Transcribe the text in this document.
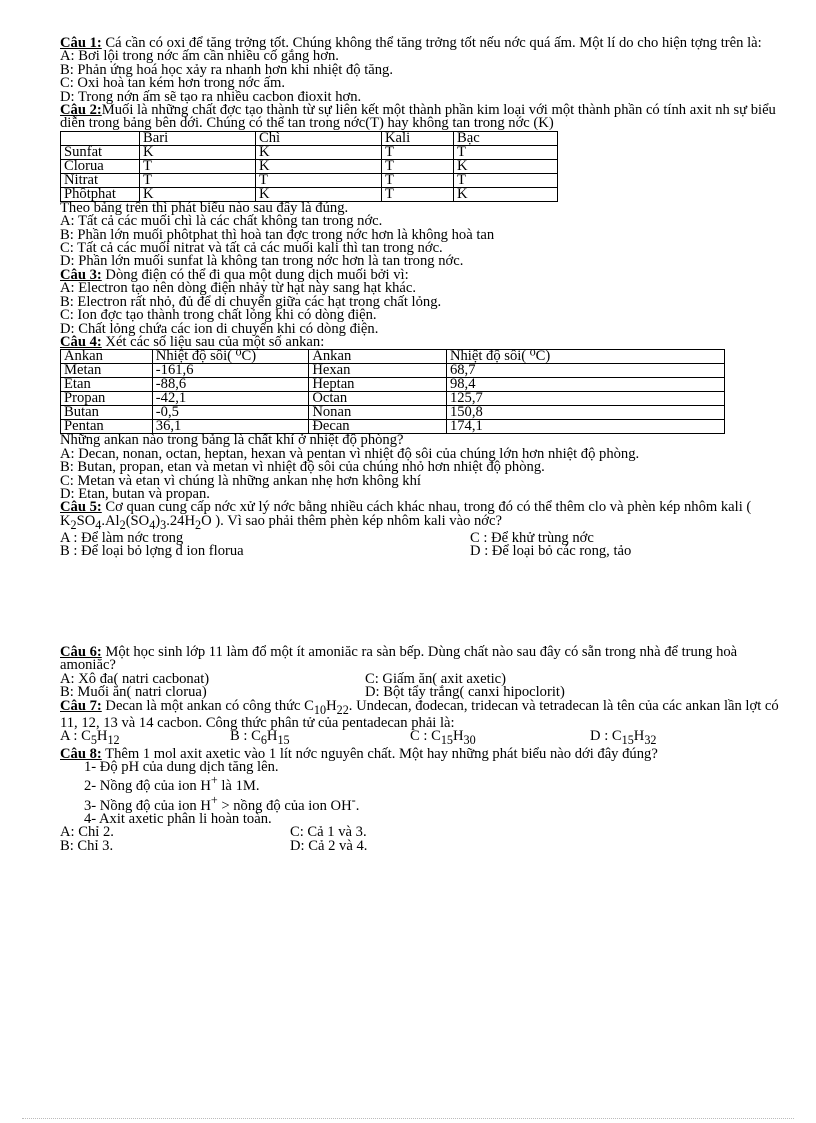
Câu 1: Cá cần có oxi để tăng trởng tốt. Chúng không thể tăng trởng tốt nếu nớc quá ấm. Một lí do cho hiện tợng trên là:

A: Bơi lội trong nớc ấm cần nhiều cố gắng hơn.

B: Phản ứng hoá học xảy ra nhanh hơn khi nhiệt độ tăng.

C: Oxi hoà tan kém hơn trong nớc ấm.

D: Trong nớn ấm sẽ tạo ra nhiều cacbon đioxit hơn.

Câu 2:Muối là những chất đợc tạo thành từ sự liên kết một thành phần kim loại với một thành phần có tính axit nh sự biểu diễn trong bảng bên dới. Chúng có thể tan trong nớc(T) hay không tan trong nớc (K)

	Bari	Chì	Kali	Bạc
Sunfat	K	K	T	T
Clorua	T	K	T	K
Nitrat	T	T	T	T
Phôtphat	K	K	T	K

Theo bảng trên thì phát biểu nào sau đây là đúng.

A: Tất cả các muối chì là các chất không tan trong nớc.

B: Phần lớn muối phôtphat thì hoà tan đợc trong nớc hơn là không hoà tan

C: Tất cả các muối nitrat và tất cả các muối kali thì tan trong nớc.

D: Phần lớn muối sunfat là không tan trong nớc hơn là tan trong nớc.

Câu 3: Dòng điện có thể đi qua một dung dịch muối bởi vì:

A: Electron tạo nên dòng điện nhảy từ hạt này sang hạt khác.

B: Electron rất nhỏ, đủ để di chuyển giữa các hạt trong chất lỏng.

C: Ion đợc tạo thành trong chất lỏng khi có dòng điện.

D: Chất lỏng chứa các ion di chuyển khi có dòng điện.

Câu 4: Xét các số liệu sau của một số ankan:

Ankan	Nhiệt độ sôi( ⁰C)	Ankan	Nhiệt độ sôi( ⁰C)
Metan	-161,6	Hexan	68,7
Etan	-88,6	Heptan	98,4
Propan	-42,1	Octan	125,7
Butan	-0,5	Nonan	150,8
Pentan	36,1	Đecan	174,1

Những ankan nào trong bảng là chất khí ở nhiệt độ phòng?

A: Decan, nonan, octan, heptan, hexan và pentan vì nhiệt độ sôi của chúng lớn hơn nhiệt độ phòng.

B: Butan, propan, etan và metan vì nhiệt độ sôi của chúng nhỏ hơn nhiệt độ phòng.

C: Metan và etan vì chúng là những ankan nhẹ hơn không khí

D: Etan, butan và propan.

Câu 5: Cơ quan cung cấp nớc xử lý nớc bằng nhiều cách khác nhau, trong đó có thể thêm clo và phèn kép nhôm kali ( $K_2SO_4.Al_2(SO_4)_3.24H_2O$ ). Vì sao phải thêm phèn kép nhôm kali vào nớc?

A : Để làm nớc trong	C : Để khử trùng nớc
B : Để loại bỏ lợng d ion florua	D : Để loại bỏ các rong, tảo

Câu 6: Một học sinh lớp 11 làm đổ một ít amoniăc ra sàn bếp. Dùng chất nào sau đây có sẵn trong nhà để trung hoà amoniăc?

A: Xô đa( natri cacbonat)	C: Giấm ăn( axit axetic)
B: Muối ăn( natri clorua)	D: Bột tẩy trắng( canxi hipoclorit)

Câu 7: Decan là một ankan có công thức $C_{10}H_{22}$. Undecan, đodecan, tridecan và tetradecan là tên của các ankan lần lợt có 11, 12, 13 và 14 cacbon. Công thức phân tử của pentadecan phải là:

A : $C_5H_{12}$	B : $C_6H_{15}$	C : $C_{15}H_{30}$	D : $C_{15}H_{32}$

Câu 8: Thêm 1 mol axit axetic vào 1 lít nớc nguyên chất. Một hay những phát biểu nào dới đây đúng?

1- Độ pH của dung dịch tăng lên.

2- Nồng độ của ion H+ là 1M.

3- Nồng độ của ion H+ > nồng độ của ion OH-.

4- Axit axetic phân li hoàn toàn.

A: Chỉ 2.	C: Cả 1 và 3.
B: Chỉ 3.	D: Cả 2 và 4.
